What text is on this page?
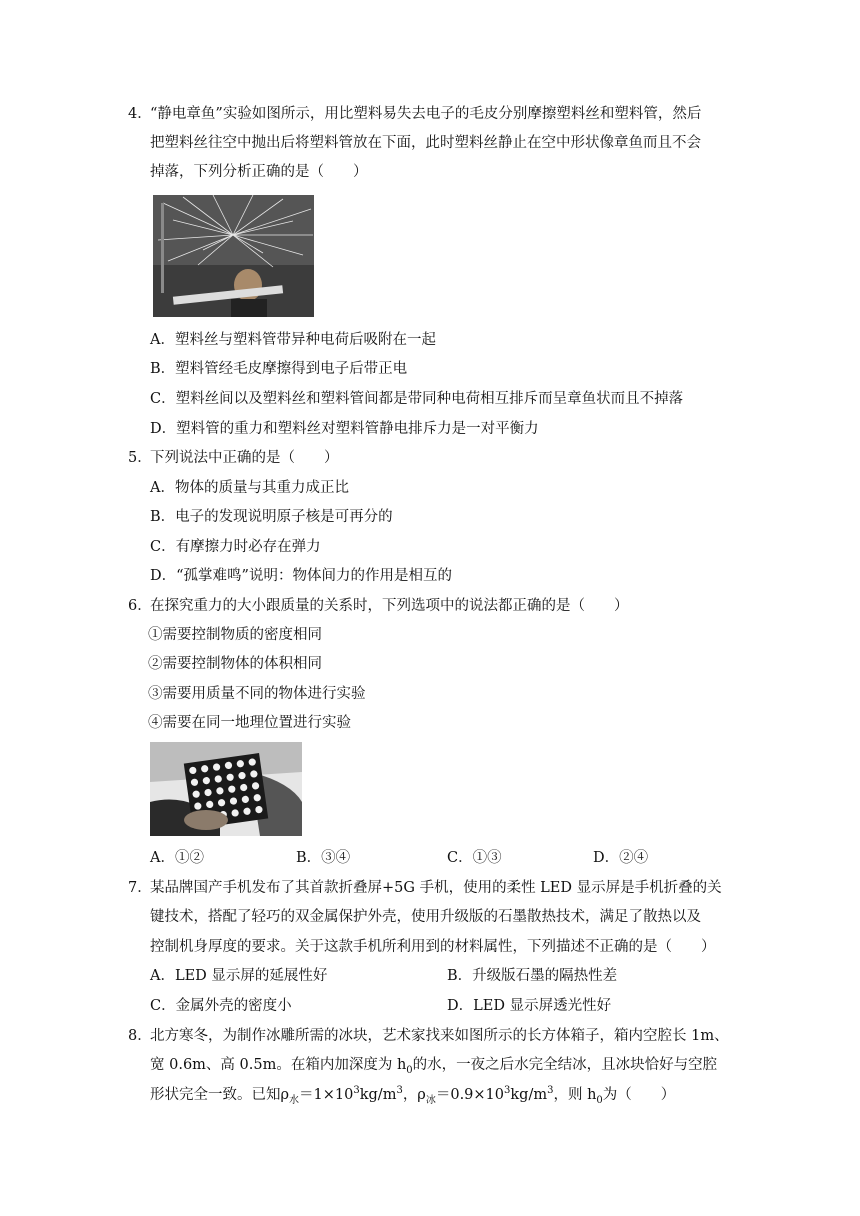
4．
“静电章鱼”实验如图所示，用比塑料易失去电子的毛皮分别摩擦塑料丝和塑料管，然后
把塑料丝往空中抛出后将塑料管放在下面，此时塑料丝静止在空中形状像章鱼而且不会
掉落，下列分析正确的是（　　）
A．塑料丝与塑料管带异种电荷后吸附在一起
B．塑料管经毛皮摩擦得到电子后带正电
C．塑料丝间以及塑料丝和塑料管间都是带同种电荷相互排斥而呈章鱼状而且不掉落
D．塑料管的重力和塑料丝对塑料管静电排斥力是一对平衡力
5．
下列说法中正确的是（　　）
A．物体的质量与其重力成正比
B．电子的发现说明原子核是可再分的
C．有摩擦力时必存在弹力
D．“孤掌难鸣”说明：物体间力的作用是相互的
6．
在探究重力的大小跟质量的关系时，下列选项中的说法都正确的是（　　）
①需要控制物质的密度相同
②需要控制物体的体积相同
③需要用质量不同的物体进行实验
④需要在同一地理位置进行实验
A．①②	B．③④	C．①③	D．②④
7．
某品牌国产手机发布了其首款折叠屏+5G 手机，使用的柔性 LED 显示屏是手机折叠的关
键技术，搭配了轻巧的双金属保护外壳，使用升级版的石墨散热技术，满足了散热以及
控制机身厚度的要求。关于这款手机所利用到的材料属性，下列描述不正确的是（　　）
A．LED 显示屏的延展性好	B．升级版石墨的隔热性差
C．金属外壳的密度小	D．LED 显示屏透光性好
8．
北方寒冬，为制作冰雕所需的冰块，艺术家找来如图所示的长方体箱子，箱内空腔长 1m、
宽 0.6m、高 0.5m。在箱内加深度为 $h_0$的水，一夜之后水完全结冰，且冰块恰好与空腔
形状完全一致。已知$\rho_水=1\times 10^3kg/m^3$，$\rho_冰=0.9\times 10^3kg/m^3$，则 $h_0$为（　　）
